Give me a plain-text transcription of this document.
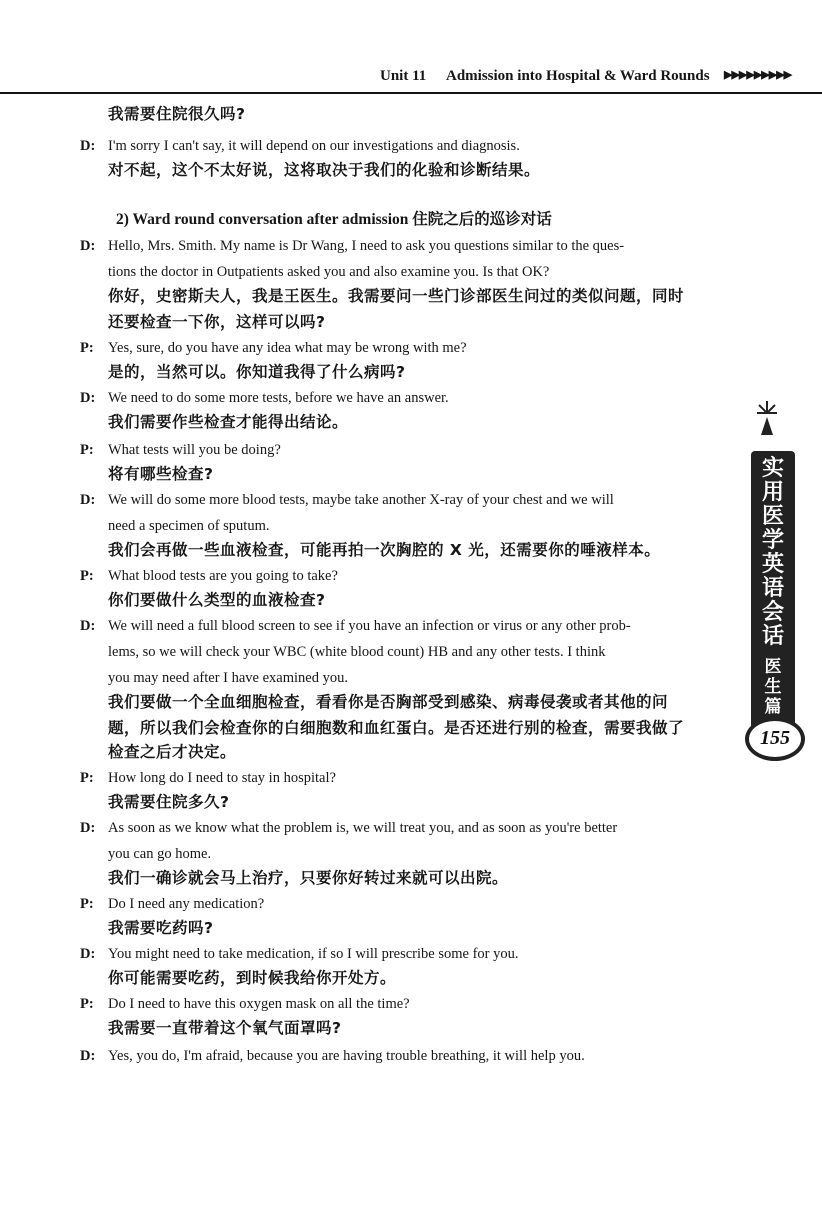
Unit 11 Admission into Hospital & Ward Rounds ▶▶▶▶▶▶▶▶▶
我需要住院很久吗?
D: I'm sorry I can't say, it will depend on our investigations and diagnosis.
对不起，这个不太好说，这将取决于我们的化验和诊断结果。
2) Ward round conversation after admission 住院之后的巡诊对话
D: Hello, Mrs. Smith. My name is Dr Wang, I need to ask you questions similar to the ques-
tions the doctor in Outpatients asked you and also examine you. Is that OK?
你好，史密斯夫人，我是王医生。我需要问一些门诊部医生问过的类似问题，同时
还要检查一下你，这样可以吗?
P: Yes, sure, do you have any idea what may be wrong with me?
是的，当然可以。你知道我得了什么病吗?
D: We need to do some more tests, before we have an answer.
我们需要作些检查才能得出结论。
P: What tests will you be doing?
将有哪些检查?
D: We will do some more blood tests, maybe take another X-ray of your chest and we will
need a specimen of sputum.
我们会再做一些血液检查，可能再拍一次胸腔的 X 光，还需要你的唾液样本。
P: What blood tests are you going to take?
你们要做什么类型的血液检查?
D: We will need a full blood screen to see if you have an infection or virus or any other prob-
lems, so we will check your WBC (white blood count) HB and any other tests. I think
you may need after I have examined you.
我们要做一个全血细胞检查，看看你是否胸部受到感染、病毒侵袭或者其他的问
题，所以我们会检查你的白细胞数和血红蛋白。是否还进行别的检查，需要我做了
检查之后才决定。
P: How long do I need to stay in hospital?
我需要住院多久?
D: As soon as we know what the problem is, we will treat you, and as soon as you're better
you can go home.
我们一确诊就会马上治疗，只要你好转过来就可以出院。
P: Do I need any medication?
我需要吃药吗?
D: You might need to take medication, if so I will prescribe some for you.
你可能需要吃药，到时候我给你开处方。
P: Do I need to have this oxygen mask on all the time?
我需要一直带着这个氧气面罩吗?
D: Yes, you do, I'm afraid, because you are having trouble breathing, it will help you.
实
用
医
学
英
语
会
话
医
生
篇
155
